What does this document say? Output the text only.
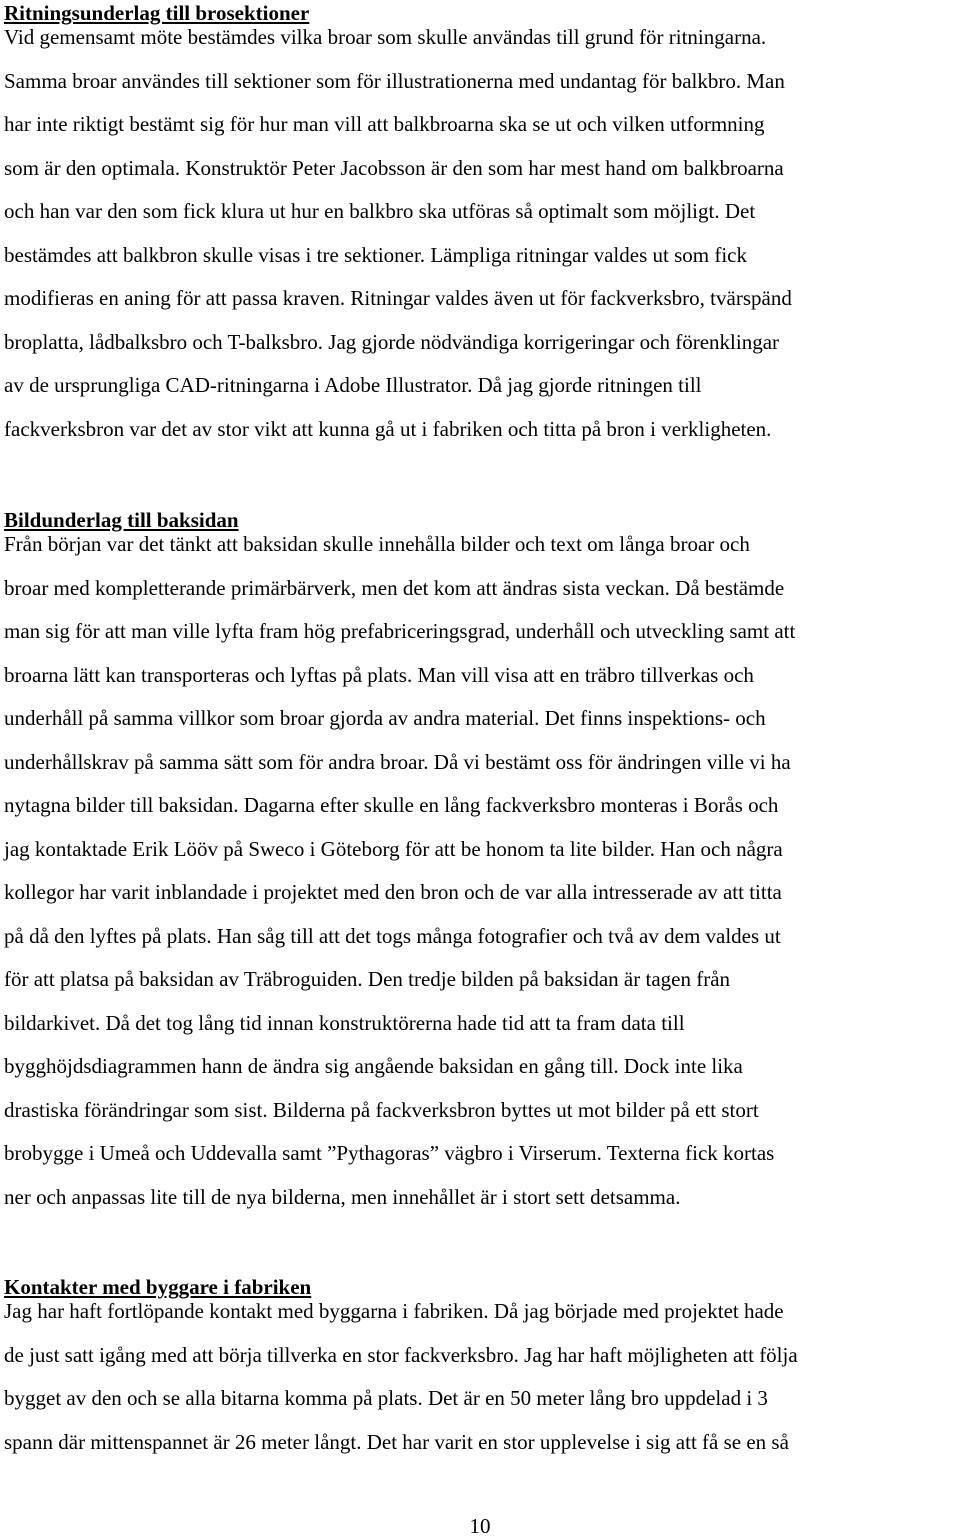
Ritningsunderlag till brosektioner

Vid gemensamt möte bestämdes vilka broar som skulle användas till grund för ritningarna.
Samma broar användes till sektioner som för illustrationerna med undantag för balkbro. Man
har inte riktigt bestämt sig för hur man vill att balkbroarna ska se ut och vilken utformning
som är den optimala. Konstruktör Peter Jacobsson är den som har mest hand om balkbroarna
och han var den som fick klura ut hur en balkbro ska utföras så optimalt som möjligt. Det
bestämdes att balkbron skulle visas i tre sektioner. Lämpliga ritningar valdes ut som fick
modifieras en aning för att passa kraven. Ritningar valdes även ut för fackverksbro, tvärspänd
broplatta, lådbalksbro och T-balksbro. Jag gjorde nödvändiga korrigeringar och förenklingar
av de ursprungliga CAD-ritningarna i Adobe Illustrator. Då jag gjorde ritningen till
fackverksbron var det av stor vikt att kunna gå ut i fabriken och titta på bron i verkligheten.

Bildunderlag till baksidan

Från början var det tänkt att baksidan skulle innehålla bilder och text om långa broar och
broar med kompletterande primärbärverk, men det kom att ändras sista veckan. Då bestämde
man sig för att man ville lyfta fram hög prefabriceringsgrad, underhåll och utveckling samt att
broarna lätt kan transporteras och lyftas på plats. Man vill visa att en träbro tillverkas och
underhåll på samma villkor som broar gjorda av andra material. Det finns inspektions- och
underhållskrav på samma sätt som för andra broar. Då vi bestämt oss för ändringen ville vi ha
nytagna bilder till baksidan. Dagarna efter skulle en lång fackverksbro monteras i Borås och
jag kontaktade Erik Lööv på Sweco i Göteborg för att be honom ta lite bilder. Han och några
kollegor har varit inblandade i projektet med den bron och de var alla intresserade av att titta
på då den lyftes på plats. Han såg till att det togs många fotografier och två av dem valdes ut
för att platsa på baksidan av Träbroguiden. Den tredje bilden på baksidan är tagen från
bildarkivet. Då det tog lång tid innan konstruktörerna hade tid att ta fram data till
bygghöjdsdiagrammen hann de ändra sig angående baksidan en gång till. Dock inte lika
drastiska förändringar som sist. Bilderna på fackverksbron byttes ut mot bilder på ett stort
brobygge i Umeå och Uddevalla samt ”Pythagoras” vägbro i Virserum. Texterna fick kortas
ner och anpassas lite till de nya bilderna, men innehållet är i stort sett detsamma.

Kontakter med byggare i fabriken

Jag har haft fortlöpande kontakt med byggarna i fabriken. Då jag började med projektet hade
de just satt igång med att börja tillverka en stor fackverksbro. Jag har haft möjligheten att följa
bygget av den och se alla bitarna komma på plats. Det är en 50 meter lång bro uppdelad i 3
spann där mittenspannet är 26 meter långt. Det har varit en stor upplevelse i sig att få se en så

10
